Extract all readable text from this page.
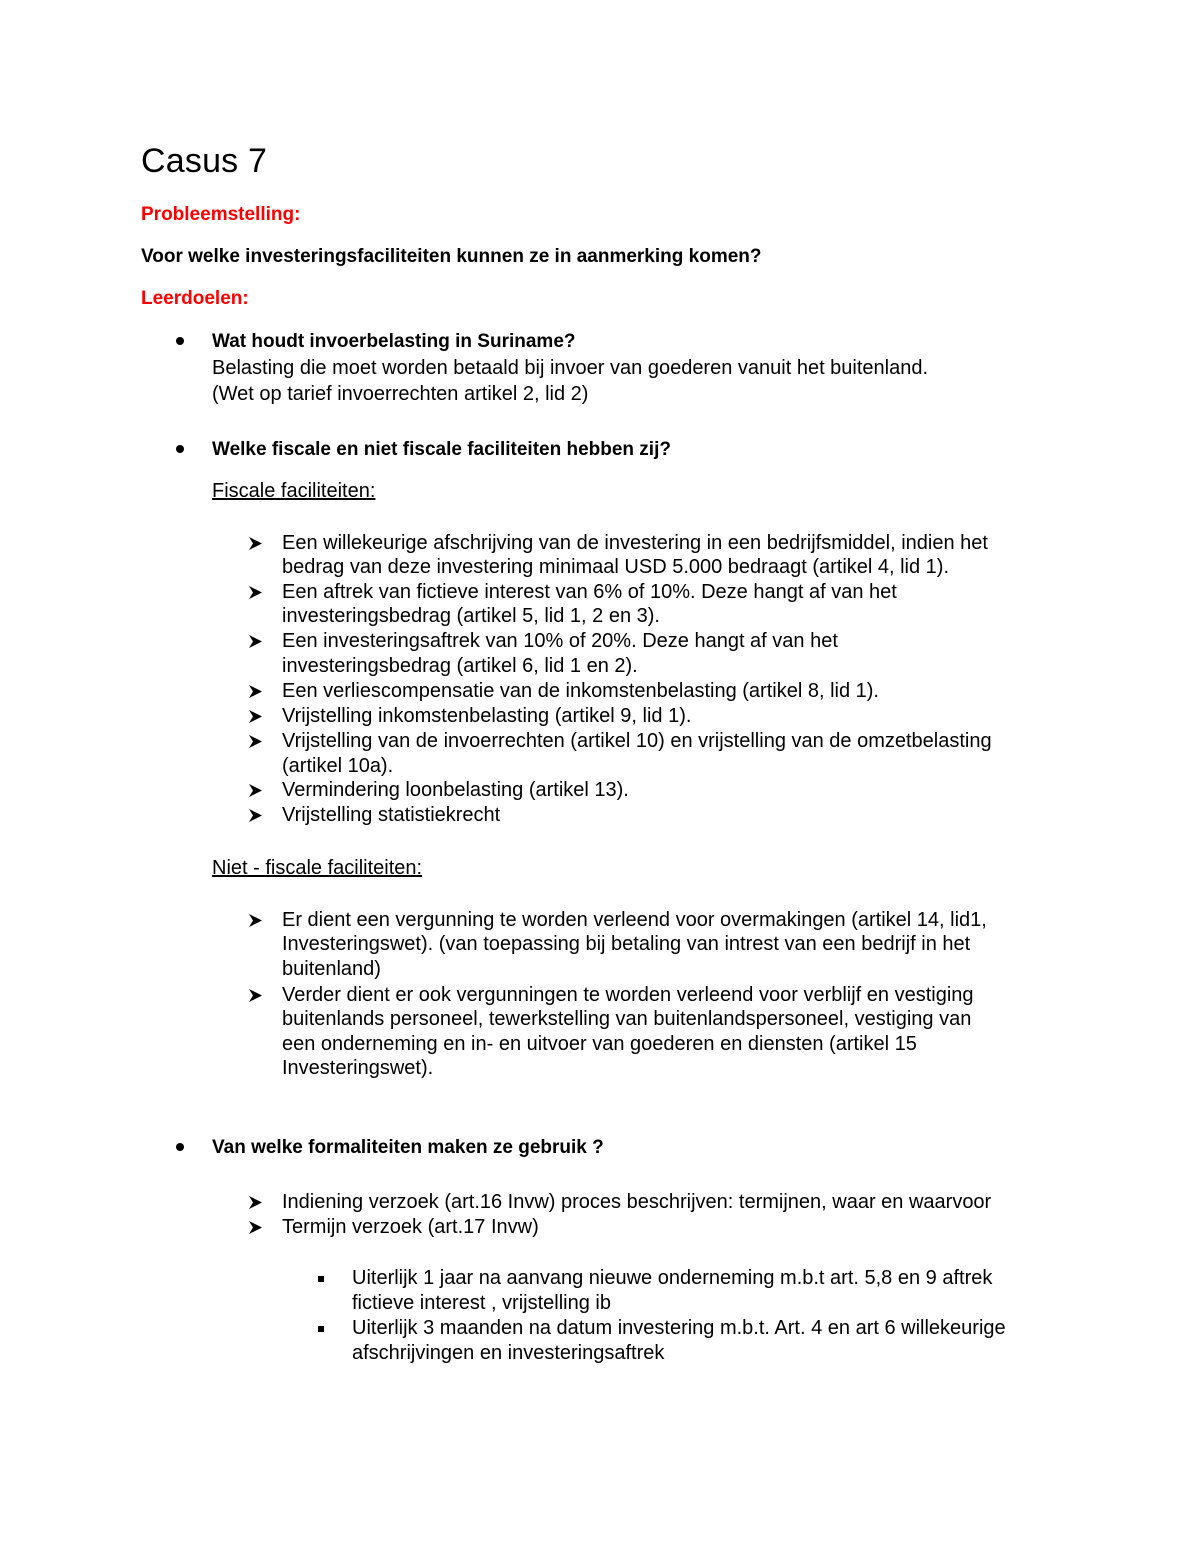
Casus 7
Probleemstelling:
Voor welke investeringsfaciliteiten kunnen ze in aanmerking komen?
Leerdoelen:
Wat houdt invoerbelasting in Suriname?
Belasting die moet worden betaald bij invoer van goederen vanuit het buitenland.
(Wet op tarief invoerrechten artikel 2, lid 2)
Welke fiscale en niet fiscale faciliteiten hebben zij?
Fiscale faciliteiten:
Een willekeurige afschrijving van de investering in een bedrijfsmiddel, indien het
bedrag van deze investering minimaal USD 5.000 bedraagt (artikel 4, lid 1).
Een aftrek van fictieve interest van 6% of 10%. Deze hangt af van het
investeringsbedrag (artikel 5, lid 1, 2 en 3).
Een investeringsaftrek van 10% of 20%. Deze hangt af van het
investeringsbedrag (artikel 6, lid 1 en 2).
Een verliescompensatie van de inkomstenbelasting (artikel 8, lid 1).
Vrijstelling inkomstenbelasting (artikel 9, lid 1).
Vrijstelling van de invoerrechten (artikel 10) en vrijstelling van de omzetbelasting
(artikel 10a).
Vermindering loonbelasting (artikel 13).
Vrijstelling statistiekrecht
Niet - fiscale faciliteiten:
Er dient een vergunning te worden verleend voor overmakingen (artikel 14, lid1,
Investeringswet). (van toepassing bij betaling van intrest van een bedrijf in het
buitenland)
Verder dient er ook vergunningen te worden verleend voor verblijf en vestiging
buitenlands personeel, tewerkstelling van buitenlandspersoneel, vestiging van
een onderneming en in- en uitvoer van goederen en diensten (artikel 15
Investeringswet).
Van welke formaliteiten maken ze gebruik ?
Indiening verzoek (art.16 Invw) proces beschrijven: termijnen, waar en waarvoor
Termijn verzoek (art.17 Invw)
Uiterlijk 1 jaar na aanvang nieuwe onderneming m.b.t art. 5,8 en 9 aftrek
fictieve interest , vrijstelling ib
Uiterlijk 3 maanden na datum investering m.b.t. Art. 4 en art 6 willekeurige
afschrijvingen en investeringsaftrek
